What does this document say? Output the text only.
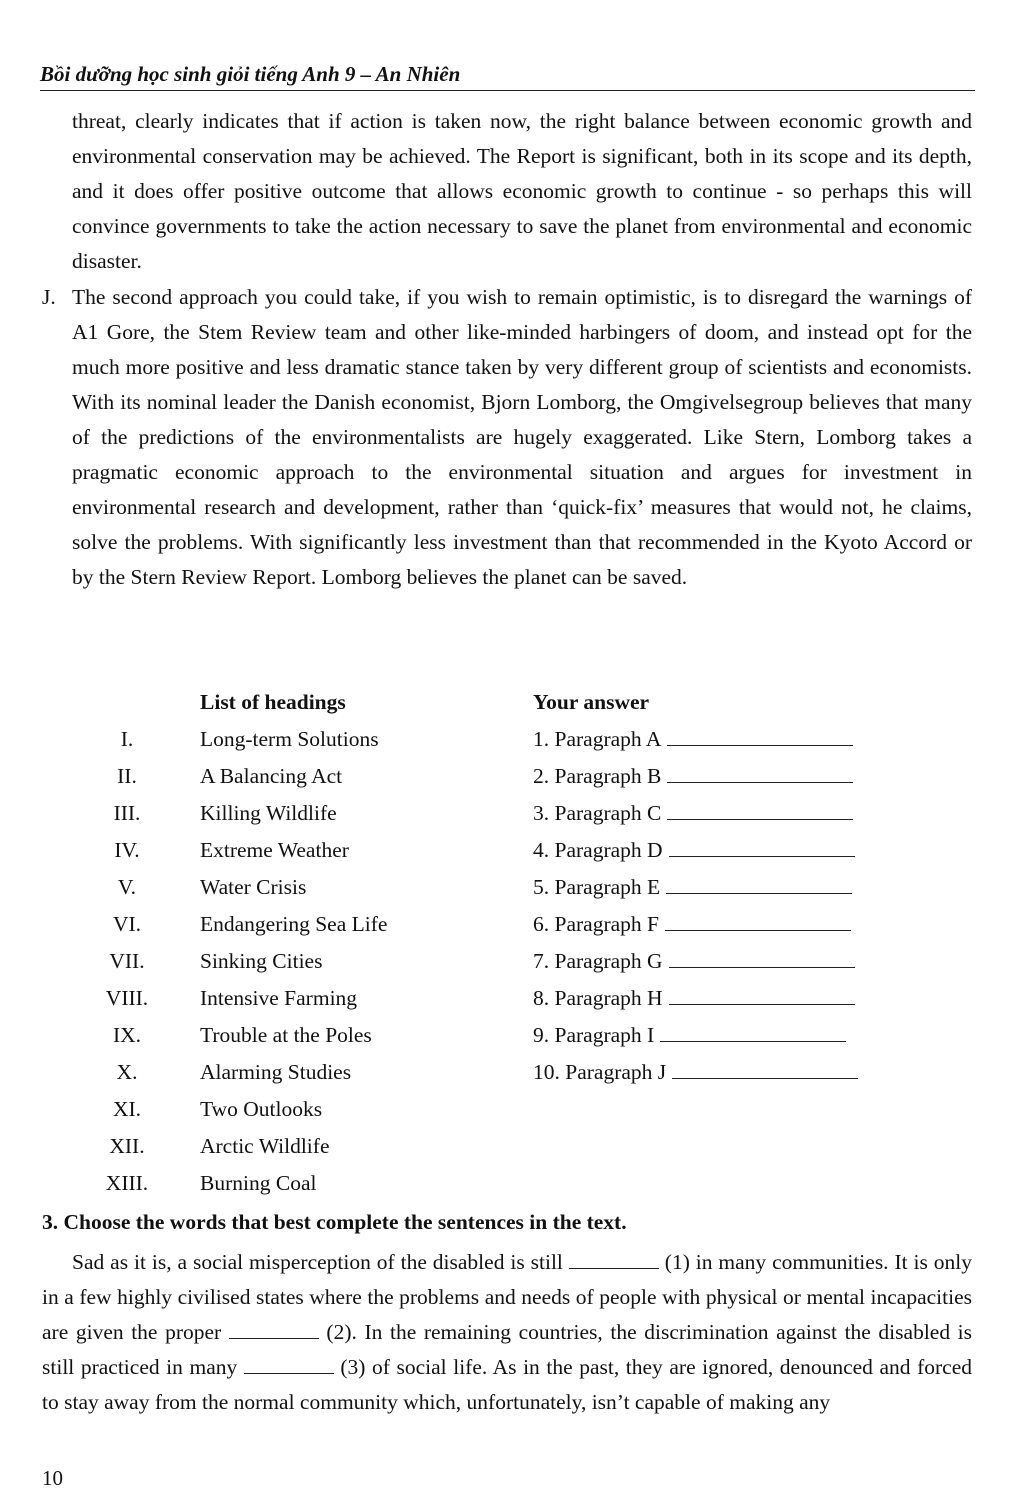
Bồi dưỡng học sinh giỏi tiếng Anh 9 – An Nhiên
threat, clearly indicates that if action is taken now, the right balance between economic growth and environmental conservation may be achieved. The Report is significant, both in its scope and its depth, and it does offer positive outcome that allows economic growth to continue - so perhaps this will convince governments to take the action necessary to save the planet from environmental and economic disaster.
J. The second approach you could take, if you wish to remain optimistic, is to disregard the warnings of A1 Gore, the Stem Review team and other like-minded harbingers of doom, and instead opt for the much more positive and less dramatic stance taken by very different group of scientists and economists. With its nominal leader the Danish economist, Bjorn Lomborg, the Omgivelsegroup believes that many of the predictions of the environmentalists are hugely exaggerated. Like Stern, Lomborg takes a pragmatic economic approach to the environmental situation and argues for investment in environmental research and development, rather than ‘quick-fix’ measures that would not, he claims, solve the problems. With significantly less investment than that recommended in the Kyoto Accord or by the Stern Review Report. Lomborg believes the planet can be saved.
List of headings	Your answer
I.	Long-term Solutions	1. Paragraph A
II.	A Balancing Act	2. Paragraph B
III.	Killing Wildlife	3. Paragraph C
IV.	Extreme Weather	4. Paragraph D
V.	Water Crisis	5. Paragraph E
VI.	Endangering Sea Life	6. Paragraph F
VII.	Sinking Cities	7. Paragraph G
VIII.	Intensive Farming	8. Paragraph H
IX.	Trouble at the Poles	9. Paragraph I
X.	Alarming Studies	10. Paragraph J
XI.	Two Outlooks
XII.	Arctic Wildlife
XIII.	Burning Coal
3. Choose the words that best complete the sentences in the text.
Sad as it is, a social misperception of the disabled is still	(1) in many communities. It is only in a few highly civilised states where the problems and needs of people with physical or mental incapacities are given the proper	(2). In the remaining countries, the discrimination against the disabled is still practiced in many	(3) of social life. As in the past, they are ignored, denounced and forced to stay away from the normal community which, unfortunately, isn’t capable of making any
10
